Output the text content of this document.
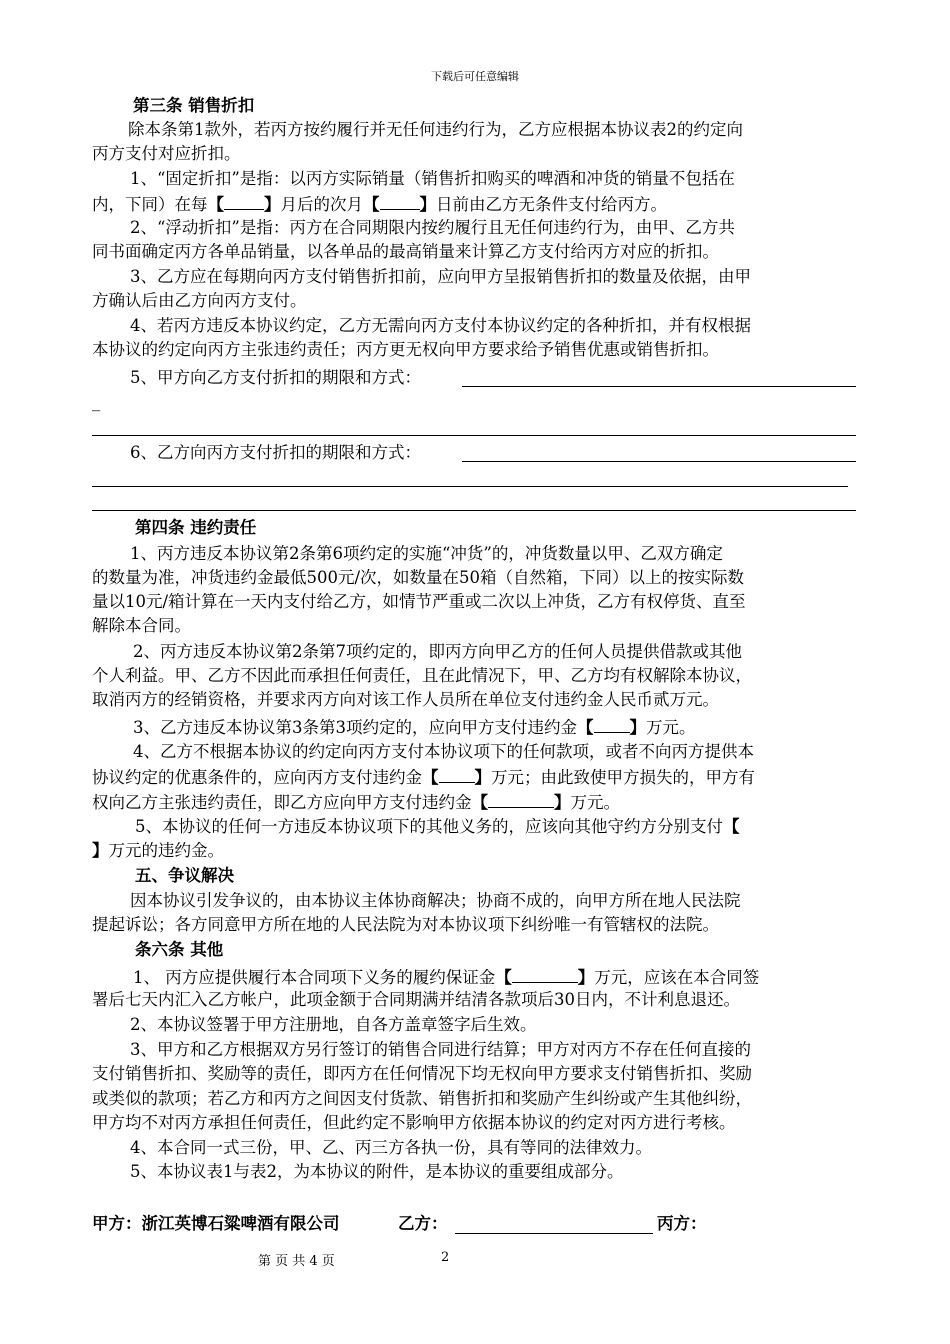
下载后可任意编辑
第三条 销售折扣
除本条第1款外，若丙方按约履行并无任何违约行为，乙方应根据本协议表2的约定向
丙方支付对应折扣。
1、“固定折扣”是指：以丙方实际销量（销售折扣购买的啤酒和冲货的销量不包括在
内，下同）在每【 】月后的次月【 】日前由乙方无条件支付给丙方。
2、“浮动折扣”是指：丙方在合同期限内按约履行且无任何违约行为，由甲、乙方共
同书面确定丙方各单品销量，以各单品的最高销量来计算乙方支付给丙方对应的折扣。
3、乙方应在每期向丙方支付销售折扣前，应向甲方呈报销售折扣的数量及依据，由甲
方确认后由乙方向丙方支付。
4、若丙方违反本协议约定，乙方无需向丙方支付本协议约定的各种折扣，并有权根据
本协议的约定向丙方主张违约责任；丙方更无权向甲方要求给予销售优惠或销售折扣。
5、甲方向乙方支付折扣的期限和方式：
_
6、乙方向丙方支付折扣的期限和方式：
第四条 违约责任
1、丙方违反本协议第2条第6项约定的实施“冲货”的，冲货数量以甲、乙双方确定
的数量为准，冲货违约金最低500元/次，如数量在50箱（自然箱，下同）以上的按实际数
量以10元/箱计算在一天内支付给乙方，如情节严重或二次以上冲货，乙方有权停货、直至
解除本合同。
2、丙方违反本协议第2条第7项约定的，即丙方向甲乙方的任何人员提供借款或其他
个人利益。甲、乙方不因此而承担任何责任，且在此情况下，甲、乙方均有权解除本协议，
取消丙方的经销资格，并要求丙方向对该工作人员所在单位支付违约金人民币贰万元。
3、乙方违反本协议第3条第3项约定的，应向甲方支付违约金【 】万元。
4、乙方不根据本协议的约定向丙方支付本协议项下的任何款项，或者不向丙方提供本
协议约定的优惠条件的，应向丙方支付违约金【 】万元；由此致使甲方损失的，甲方有
权向乙方主张违约责任，即乙方应向甲方支付违约金【	】万元。
5、本协议的任何一方违反本协议项下的其他义务的，应该向其他守约方分别支付【
】万元的违约金。
五、争议解决
因本协议引发争议的，由本协议主体协商解决；协商不成的，向甲方所在地人民法院
提起诉讼；各方同意甲方所在地的人民法院为对本协议项下纠纷唯一有管辖权的法院。
条六条 其他
1、 丙方应提供履行本合同项下义务的履约保证金【	】万元，应该在本合同签
署后七天内汇入乙方帐户，此项金额于合同期满并结清各款项后30日内，不计利息退还。
2、本协议签署于甲方注册地，自各方盖章签字后生效。
3、甲方和乙方根据双方另行签订的销售合同进行结算；甲方对丙方不存在任何直接的
支付销售折扣、奖励等的责任，即丙方在任何情况下均无权向甲方要求支付销售折扣、奖励
或类似的款项；若乙方和丙方之间因支付货款、销售折扣和奖励产生纠纷或产生其他纠纷，
甲方均不对丙方承担任何责任，但此约定不影响甲方依据本协议的约定对丙方进行考核。
4、本合同一式三份，甲、乙、丙三方各执一份，具有等同的法律效力。
5、本协议表1与表2，为本协议的附件，是本协议的重要组成部分。
甲方：浙江英博石粱啤酒有限公司	乙方：	丙方：
第 页 共 4 页	2
